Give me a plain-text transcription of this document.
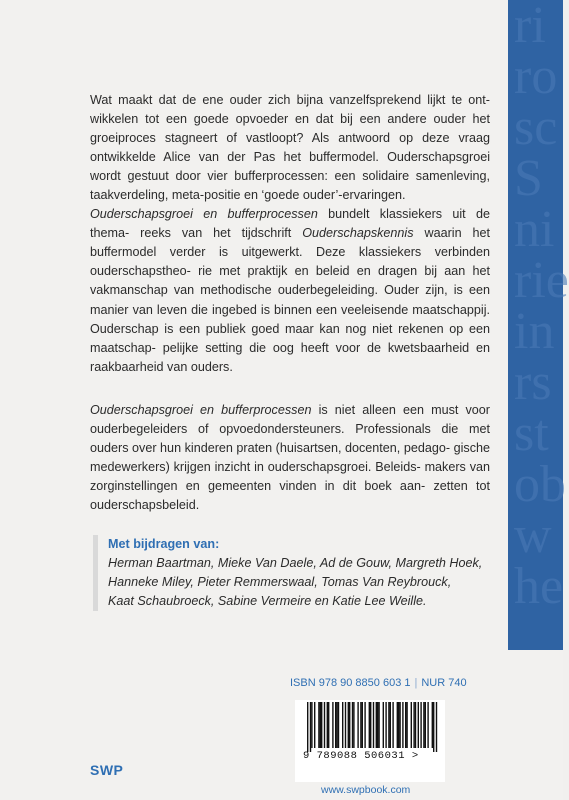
ri
ro
sc
S
ni
rie
in
rs
st
ob
w
he
Wat maakt dat de ene ouder zich bijna vanzelfsprekend lijkt te ont- wikkelen tot een goede opvoeder en dat bij een andere ouder het groeiproces stagneert of vastloopt? Als antwoord op deze vraag ontwikkelde Alice van der Pas het buffermodel. Ouderschapsgroei wordt gestuut door vier bufferprocessen: een solidaire samenleving, taakverdeling, meta-positie en ‘goede ouder’-ervaringen.
Ouderschapsgroei en bufferprocessen bundelt klassiekers uit de thema- reeks van het tijdschrift Ouderschapskennis waarin het buffermodel verder is uitgewerkt. Deze klassiekers verbinden ouderschapstheo- rie met praktijk en beleid en dragen bij aan het vakmanschap van methodische ouderbegeleiding. Ouder zijn, is een manier van leven die ingebed is binnen een veeleisende maatschappij. Ouderschap is een publiek goed maar kan nog niet rekenen op een maatschap- pelijke setting die oog heeft voor de kwetsbaarheid en raakbaarheid van ouders.
Ouderschapsgroei en bufferprocessen is niet alleen een must voor ouderbegeleiders of opvoedondersteuners. Professionals die met ouders over hun kinderen praten (huisartsen, docenten, pedago- gische medewerkers) krijgen inzicht in ouderschapsgroei. Beleids- makers van zorginstellingen en gemeenten vinden in dit boek aan- zetten tot ouderschapsbeleid.
Met bijdragen van:
Herman Baartman, Mieke Van Daele, Ad de Gouw, Margreth Hoek,
Hanneke Miley, Pieter Remmerswaal, Tomas Van Reybrouck,
Kaat Schaubroeck, Sabine Vermeire en Katie Lee Weille.
ISBN 978 90 8850 603 1 | NUR 740
9 789088 506031 >
SWP
www.swpbook.com
